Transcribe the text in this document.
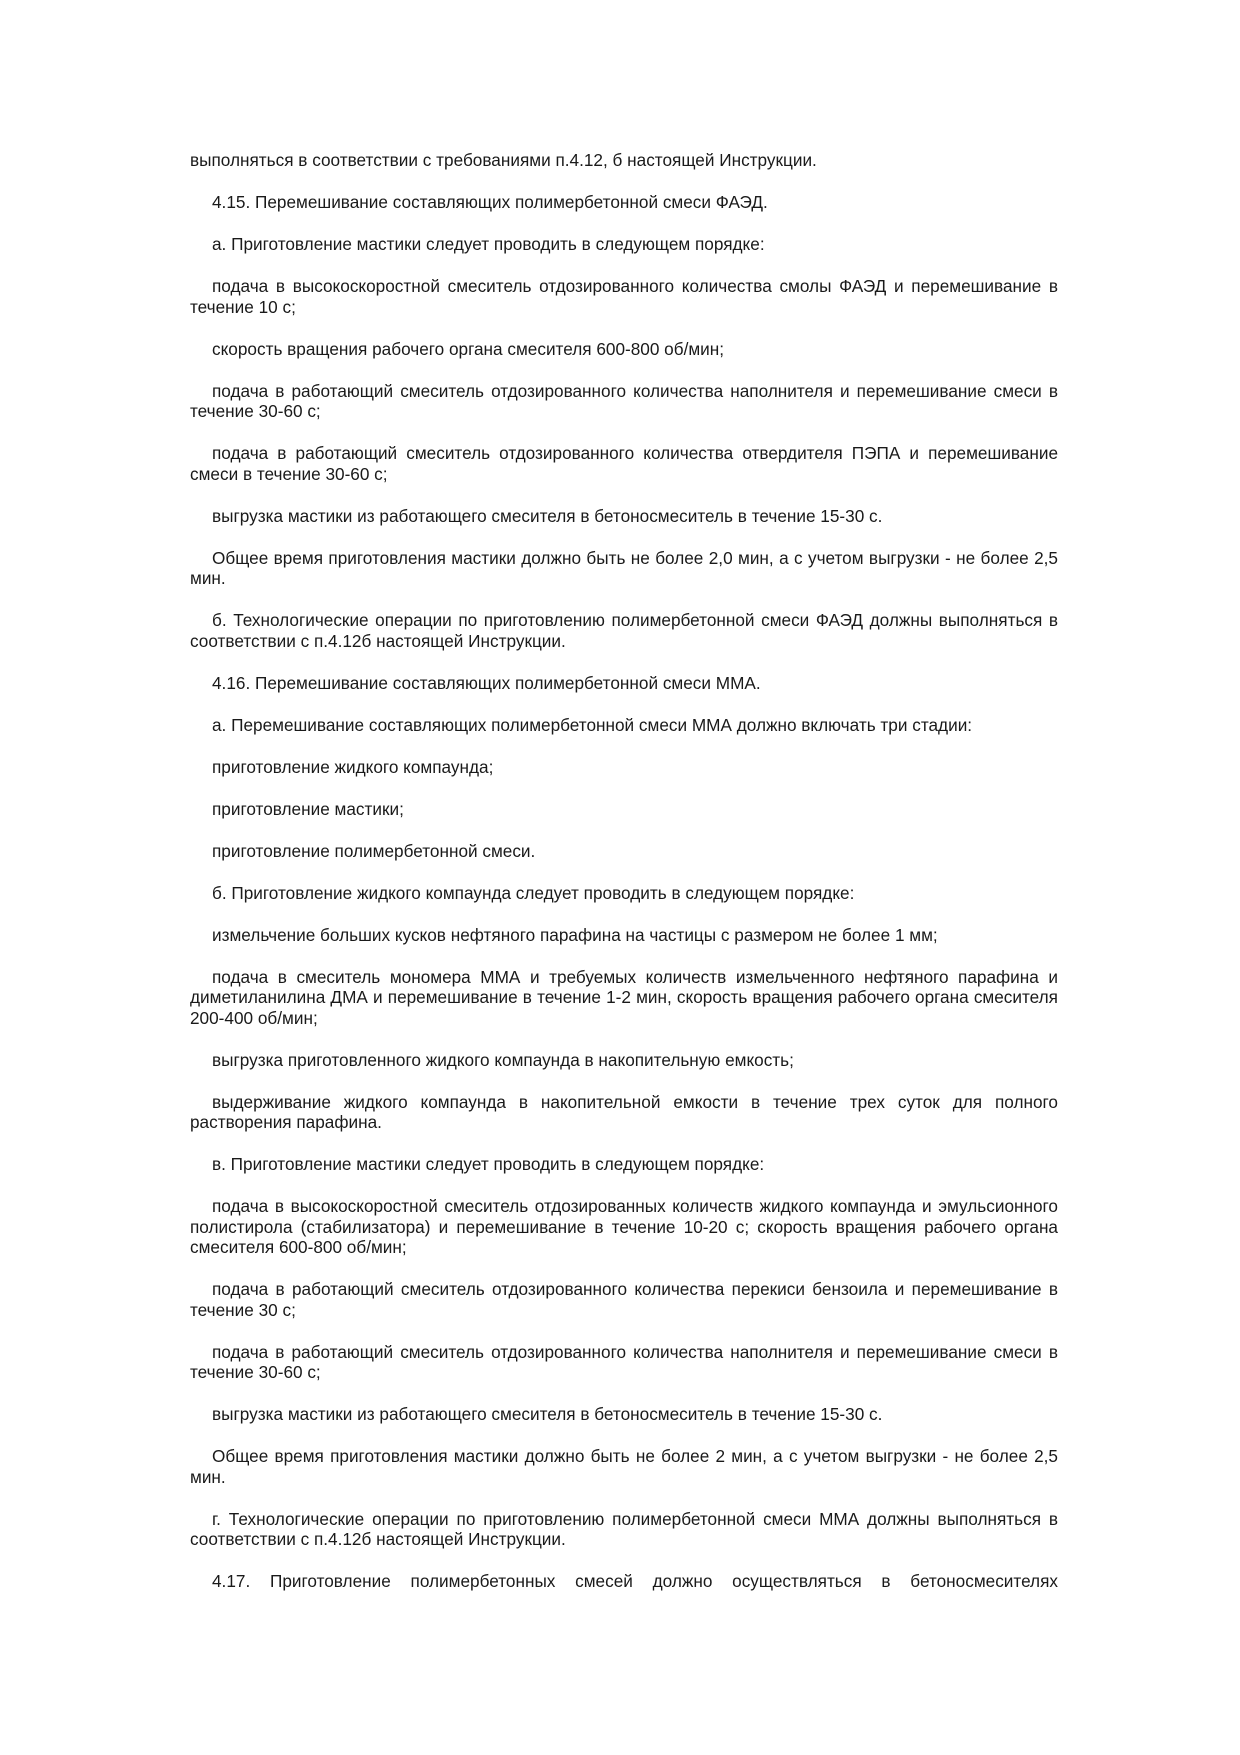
выполняться в соответствии с требованиями п.4.12, б настоящей Инструкции.

4.15. Перемешивание составляющих полимербетонной смеси ФАЭД.

а. Приготовление мастики следует проводить в следующем порядке:

подача в высокоскоростной смеситель отдозированного количества смолы ФАЭД и перемешивание в течение 10 с;

скорость вращения рабочего органа смесителя 600-800 об/мин;

подача в работающий смеситель отдозированного количества наполнителя и перемешивание смеси в течение 30-60 с;

подача в работающий смеситель отдозированного количества отвердителя ПЭПА и перемешивание смеси в течение 30-60 с;

выгрузка мастики из работающего смесителя в бетоносмеситель в течение 15-30 с.

Общее время приготовления мастики должно быть не более 2,0 мин, а с учетом выгрузки - не более 2,5 мин.

б. Технологические операции по приготовлению полимербетонной смеси ФАЭД должны выполняться в соответствии с п.4.12б настоящей Инструкции.

4.16. Перемешивание составляющих полимербетонной смеси ММА.

а. Перемешивание составляющих полимербетонной смеси ММА должно включать три стадии:

приготовление жидкого компаунда;

приготовление мастики;

приготовление полимербетонной смеси.

б. Приготовление жидкого компаунда следует проводить в следующем порядке:

измельчение больших кусков нефтяного парафина на частицы с размером не более 1 мм;

подача в смеситель мономера ММА и требуемых количеств измельченного нефтяного парафина и диметиланилина ДМА и перемешивание в течение 1-2 мин, скорость вращения рабочего органа смесителя 200-400 об/мин;

выгрузка приготовленного жидкого компаунда в накопительную емкость;

выдерживание жидкого компаунда в накопительной емкости в течение трех суток для полного растворения парафина.

в. Приготовление мастики следует проводить в следующем порядке:

подача в высокоскоростной смеситель отдозированных количеств жидкого компаунда и эмульсионного полистирола (стабилизатора) и перемешивание в течение 10-20 с; скорость вращения рабочего органа смесителя 600-800 об/мин;

подача в работающий смеситель отдозированного количества перекиси бензоила и перемешивание в течение 30 с;

подача в работающий смеситель отдозированного количества наполнителя и перемешивание смеси в течение 30-60 с;

выгрузка мастики из работающего смесителя в бетоносмеситель в течение 15-30 с.

Общее время приготовления мастики должно быть не более 2 мин, а с учетом выгрузки - не более 2,5 мин.

г. Технологические операции по приготовлению полимербетонной смеси ММА должны выполняться в соответствии с п.4.12б настоящей Инструкции.

4.17. Приготовление полимербетонных смесей должно осуществляться в бетоносмесителях
